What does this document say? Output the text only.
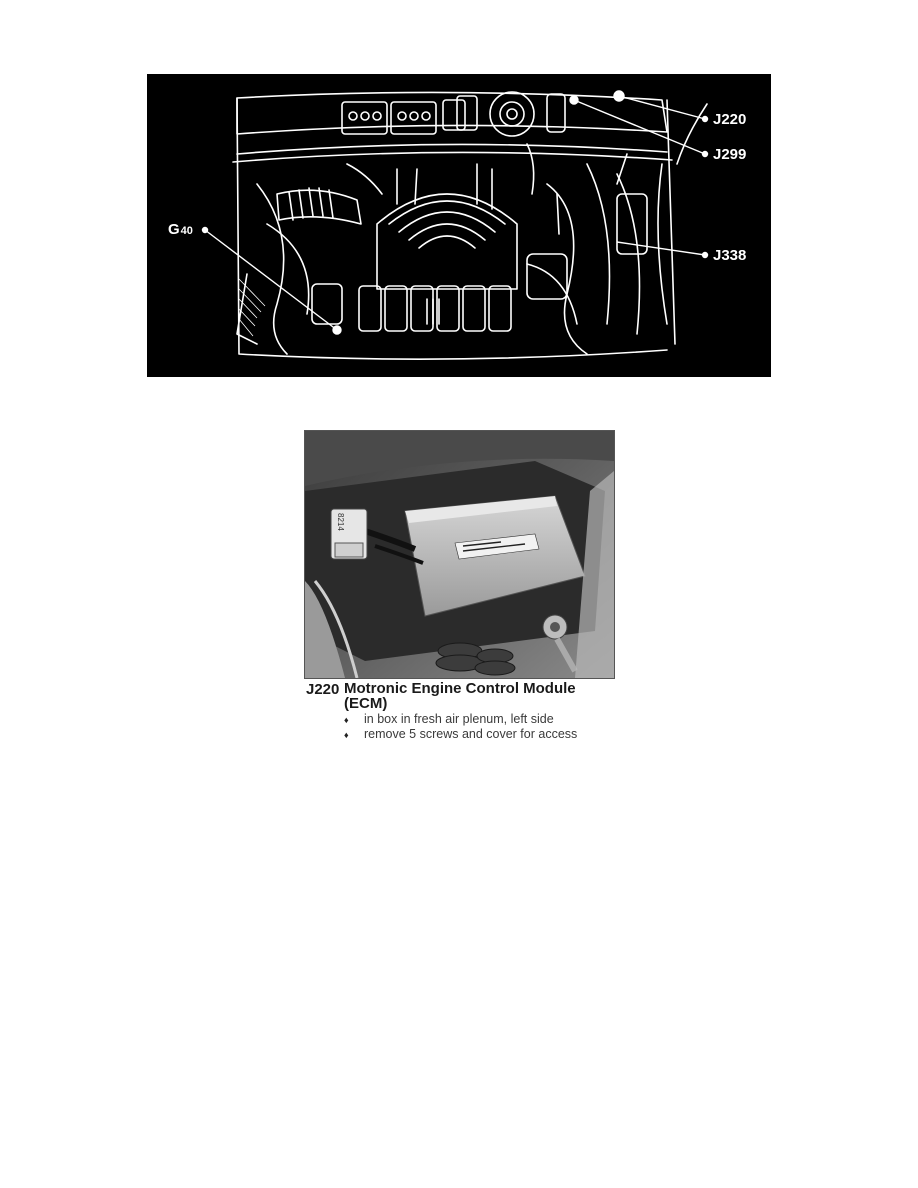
J220
J299
J338
G40
8214
J220 Motronic Engine Control Module
(ECM)
♦ in box in fresh air plenum, left side
♦ remove 5 screws and cover for access
